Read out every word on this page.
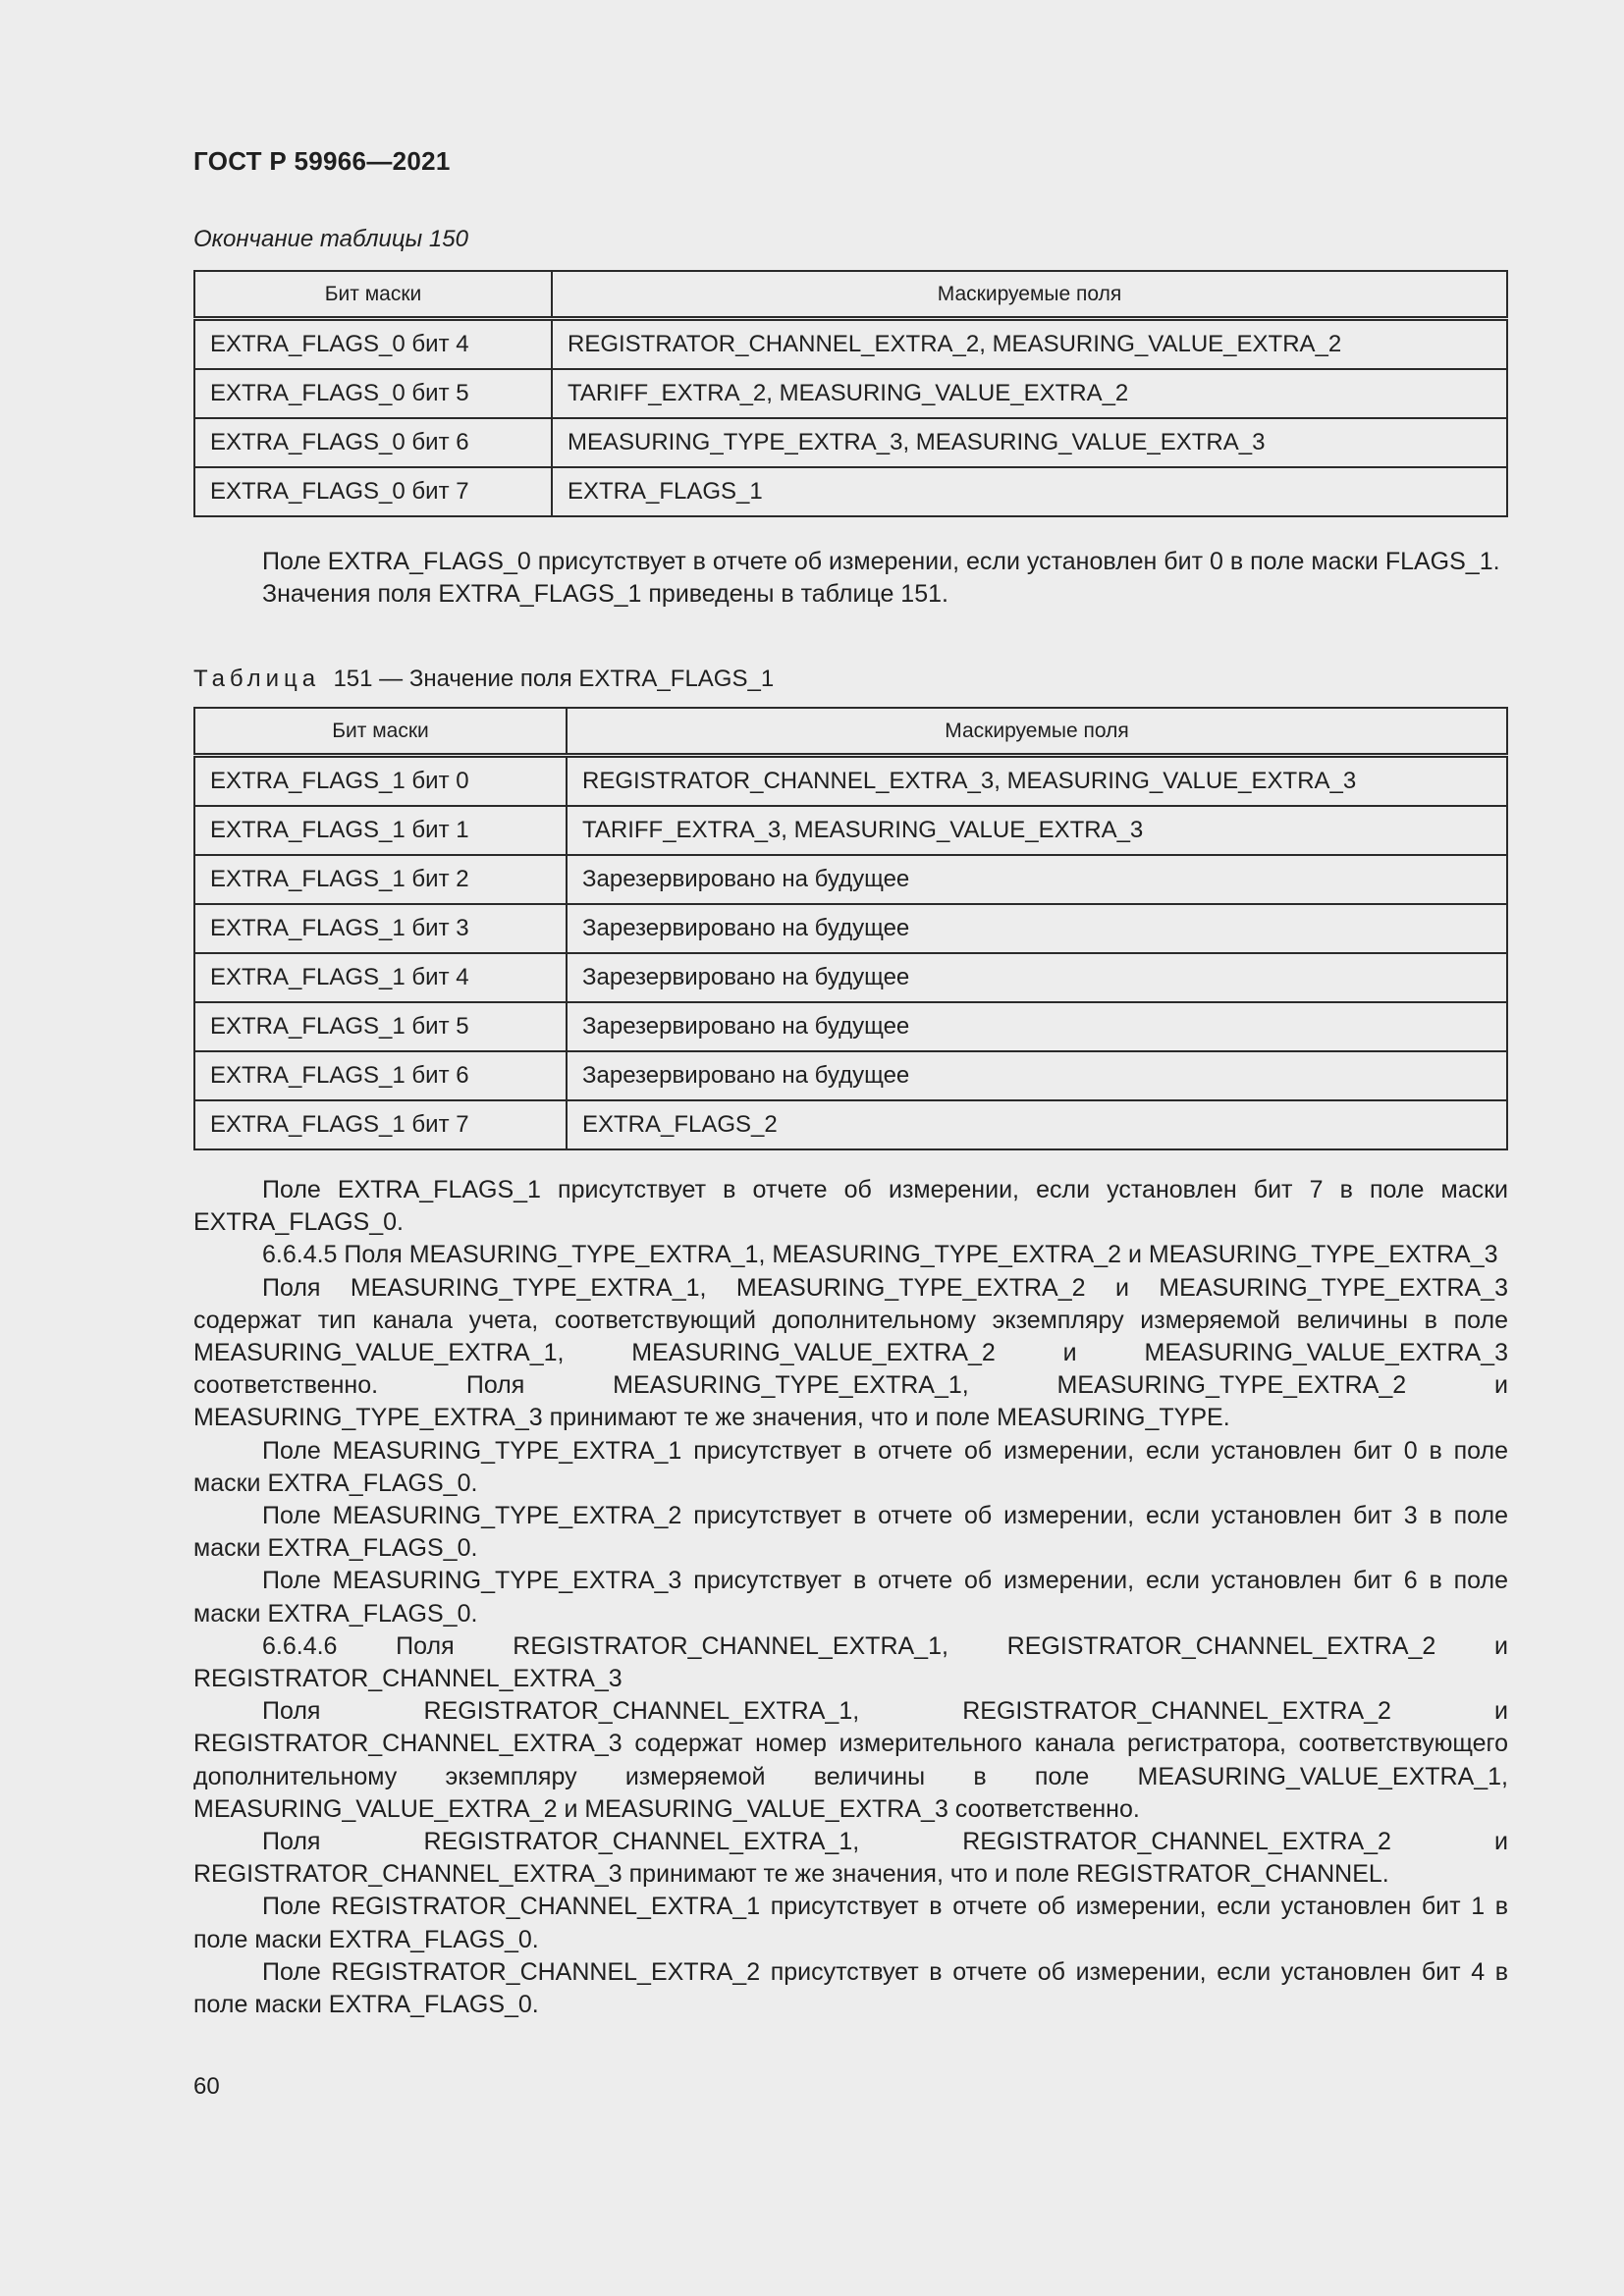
ГОСТ Р 59966—2021
Окончание таблицы 150
Бит маски	Маскируемые поля
EXTRA_FLAGS_0 бит 4	REGISTRATOR_CHANNEL_EXTRA_2, MEASURING_VALUE_EXTRA_2
EXTRA_FLAGS_0 бит 5	TARIFF_EXTRA_2, MEASURING_VALUE_EXTRA_2
EXTRA_FLAGS_0 бит 6	MEASURING_TYPE_EXTRA_3, MEASURING_VALUE_EXTRA_3
EXTRA_FLAGS_0 бит 7	EXTRA_FLAGS_1

Поле EXTRA_FLAGS_0 присутствует в отчете об измерении, если установлен бит 0 в поле маски FLAGS_1.

Значения поля EXTRA_FLAGS_1 приведены в таблице 151.

Таблица 151 — Значение поля EXTRA_FLAGS_1
Бит маски	Маскируемые поля
EXTRA_FLAGS_1 бит 0	REGISTRATOR_CHANNEL_EXTRA_3, MEASURING_VALUE_EXTRA_3
EXTRA_FLAGS_1 бит 1	TARIFF_EXTRA_3, MEASURING_VALUE_EXTRA_3
EXTRA_FLAGS_1 бит 2	Зарезервировано на будущее
EXTRA_FLAGS_1 бит 3	Зарезервировано на будущее
EXTRA_FLAGS_1 бит 4	Зарезервировано на будущее
EXTRA_FLAGS_1 бит 5	Зарезервировано на будущее
EXTRA_FLAGS_1 бит 6	Зарезервировано на будущее
EXTRA_FLAGS_1 бит 7	EXTRA_FLAGS_2

Поле EXTRA_FLAGS_1 присутствует в отчете об измерении, если установлен бит 7 в поле маски EXTRA_FLAGS_0.

6.6.4.5 Поля MEASURING_TYPE_EXTRA_1, MEASURING_TYPE_EXTRA_2 и MEASURING_TYPE_EXTRA_3

Поля MEASURING_TYPE_EXTRA_1, MEASURING_TYPE_EXTRA_2 и MEASURING_TYPE_EXTRA_3 содержат тип канала учета, соответствующий дополнительному экземпляру измеряемой величины в поле MEASURING_VALUE_EXTRA_1, MEASURING_VALUE_EXTRA_2 и MEASURING_VALUE_EXTRA_3 соответственно. Поля MEASURING_TYPE_EXTRA_1, MEASURING_TYPE_EXTRA_2 и MEASURING_TYPE_EXTRA_3 принимают те же значения, что и поле MEASURING_TYPE.

Поле MEASURING_TYPE_EXTRA_1 присутствует в отчете об измерении, если установлен бит 0 в поле маски EXTRA_FLAGS_0.

Поле MEASURING_TYPE_EXTRA_2 присутствует в отчете об измерении, если установлен бит 3 в поле маски EXTRA_FLAGS_0.

Поле MEASURING_TYPE_EXTRA_3 присутствует в отчете об измерении, если установлен бит 6 в поле маски EXTRA_FLAGS_0.

6.6.4.6 Поля REGISTRATOR_CHANNEL_EXTRA_1, REGISTRATOR_CHANNEL_EXTRA_2 и REGISTRATOR_CHANNEL_EXTRA_3

Поля REGISTRATOR_CHANNEL_EXTRA_1, REGISTRATOR_CHANNEL_EXTRA_2 и REGISTRATOR_CHANNEL_EXTRA_3 содержат номер измерительного канала регистратора, соответствующего дополнительному экземпляру измеряемой величины в поле MEASURING_VALUE_EXTRA_1, MEASURING_VALUE_EXTRA_2 и MEASURING_VALUE_EXTRA_3 соответственно.

Поля REGISTRATOR_CHANNEL_EXTRA_1, REGISTRATOR_CHANNEL_EXTRA_2 и REGISTRATOR_CHANNEL_EXTRA_3 принимают те же значения, что и поле REGISTRATOR_CHANNEL.

Поле REGISTRATOR_CHANNEL_EXTRA_1 присутствует в отчете об измерении, если установлен бит 1 в поле маски EXTRA_FLAGS_0.

Поле REGISTRATOR_CHANNEL_EXTRA_2 присутствует в отчете об измерении, если установлен бит 4 в поле маски EXTRA_FLAGS_0.

60
